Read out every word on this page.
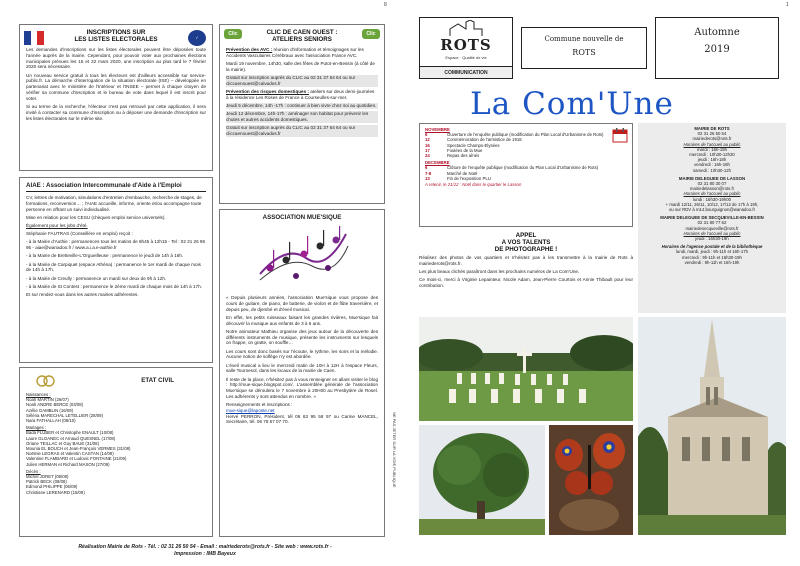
8	1
✓
INSCRIPTIONS SUR
LES LISTES ELECTORALES

Les demandes d'inscriptions sur les listes électorales peuvent être déposées toute l'année auprès de la mairie. Cependant, pour pouvoir voter aux prochaines élections municipales prévues les 15 et 22 mars 2020, une inscription au plus tard le 7 février 2020 sera nécessaire.

Un nouveau service gratuit à tous les électeurs est d'ailleurs accessible sur service-public.fr. La démarche d'interrogation de la situation électorale (ISE) – développée en partenariat avec le ministère de l'Intérieur et l'INSEE – permet à chaque citoyen de vérifier sa commune d'inscription et le bureau de vote dans lequel il est inscrit pour voter.

Si au terme de la recherche, l'électeur n'est pas retrouvé par cette application, il sera invité à contacter sa commune d'inscription ou à déposer une demande d'inscription sur les listes électorales sur le même site.

AIAE : Association Intercommunale d'Aide à l'Emploi

CV, lettres de motivation, simulations d'entretien d'embauche, recherche de stages, de formations, reconversion… ; l'AIAE accueille, informe, oriente et/ou accompagne toute personne en offrant un suivi individualisé.

Mise en relation pour les CESU (chèques emploi service universels).

Également pour les jobs d'été.

Stéphanie FAUTRAS (Conseillère en emploi) reçoit :

- à la Mairie d'Authie : permanences tous les matins de 8h45 à 12h15 - Tel : 02 31 26 95 95 - aiae@wanadoo.fr / www.a.i.a.e-authie.fr

- à la Mairie de Bretteville-L'Orgueilleuse : permanence le jeudi de 14h à 16h.

- à la Mairie de Carpiquet (espace Athéna) : permanence le 1er mardi de chaque mois de 14h à 17h.

- à la Mairie de Creully : permanence un mardi sur deux de 9h à 12h.

- à la Mairie de St Contest : permanence le 2ème mardi de chaque mois de 14h à 17h.

Et sur rendez-vous dans les autres mairies adhérentes.

ETAT CIVIL
Naissances :
Noah MARTIN (26/07)
Noah ANDRE BERCE (03/08)
Azélie GAMBLIN (16/09)
Séléna MARECHAL LETELLIER (28/09)
Nara FATHALLAH (08/10)
Mariages :
Bada FLUBER et Christophe ENAULT (10/08)
Laure GLOANEC et Arnaud QUESNEL (17/08)
Oriane TEILLAC et Guy BAUE (31/08)
Mounia EL BOUCH et Jean-François VERMES (31/08)
Noëmie LEGRAS et Valentin CASTAN (14/09)
Valentine FLAMBARD et Ludovic FONTAINE (21/09)
Julien HERMAN et Richard MASON (27/09)
Décès :
Michel JORET (08/08)
Patrick BECK (08/08)
Edmond PHILIPPE (06/09)
Christiane LERENARD (15/09)
Clic	Clic
CLIC DE CAEN OUEST :
ATELIERS SENIORS

Prévention des AVC : réunion d'information et témoignages sur les Accidents Vasculaires Cérébraux avec l'association France AVC.

Mardi 19 novembre, 14h30, salle des fêtes de Putot-en-Bessin (à côté de la mairie).

Gratuit sur inscription auprès du CLIC au 02 31 37 64 64 ou sur cliccaenouest@calvados.fr

Prévention des risques domestiques : ateliers sur deux demi-journées à la résidence Les Roses de France à Courseulles-sur-mer.

Jeudi 5 décembre, 14h -17h : continuer à bien vivre chez soi au quotidien.

Jeudi 12 décembre, 14h-17h : aménager son habitat pour prévenir les chutes et autres accidents domestiques.

Gratuit sur inscription auprès du CLIC au 02 31 37 64 64 ou sur cliccaenouest@calvados.fr

ASSOCIATION MUE'SIQUE

« Depuis plusieurs années, l'association Mue'sique vous propose des cours de guitare, de piano, de batterie, de violon et de flûte traversière, et depuis peu, de djembé et d'éveil musical.

En effet, les petits ruisseaux faisant les grandes rivières, Mue'sique fait découvrir la musique aux enfants de 3 à 6 ans.

Notre animateur Mathieu organise des jeux autour de la découverte des différents instruments de musique, présente les instruments sur lesquels on frappe, on gratte, on souffle…

Les cours sont donc basés sur l'écoute, le rythme, les sons et la mélodie. Aucune notion de solfège n'y est abordée.

L'éveil musical a lieu le mercredi matin de 10H à 12H à l'espace Fleurs, salle Tournesol, dans les locaux de la mairie de Caen.

Il reste de la place, n'hésitez pas à vous renseigner en allant visiter le blog : http://mue-sique.blogspot.com/. L'assemblée générale de l'association Mue'sique se déroulera le 7 novembre à 20H00 au Presbytère de Rosel. Les adhérents y sont attendus en nombre. »

Renseignements et inscriptions :
mue-sique@laposte.net
Hervé PERRON, Président, tél 06 63 95 58 97 ou Carine MANCEL, Secrétaire, tél. 06 78 57 07 70.	NE PAS JETER SUR LA VOIE PUBLIQUE
Réalisation Mairie de Rots - Tél. : 02 31 26 50 54 - Email : mairiederots@rots.fr - Site web : www.rots.fr -
Impression : IMB Bayeux
ROTS
Espace · Qualité de vie
COMMUNICATION
Commune nouvelle de
ROTS
Automne
2019
La Com'Une
NOVEMBRE
6	Ouverture de l'enquête publique (modification du Plan Local d'Urbanisme de Rots)
12	Commémoration de l'armistice de 1918
16	Spectacle Champs-Elysées
17	Foulées de la Mue
24	Repas des aînés
DECEMBRE
6	Clôture de l'enquête publique (modification du Plan Local d'Urbanisme de Rots)
7-8	Marché de Noël
13	Fin de l'exposition PLU
A retenir, le 21/12 : Noël dans le quartier le Lasson
MAIRIE DE ROTS
02 31 26 50 54
mairiederots@rots.fr
Horaires de l'accueil au public
mardi : 16h-18h
mercredi : 10h30-12h30
jeudi : 16h-18h
vendredi : 16h-18h
samedi : 10h30-12h
MAIRIE DELEGUEE DE LASSON
02 31 80 30 07
mairiedelasson@rots.fr
Horaires de l'accueil au public
lundi : 16h30-19h00
+ mardi 12/11, 26/11, 10/12, 17/12 de 17h à 19h,
ou sur RDV à m14.bourguignon@wanadoo.fr
MAIRIE DELEGUEE DE SECQUEVILLE-EN-BESSIN
02 31 80 77 62
mairiedesecqueville@rots.fr
Horaires de l'accueil au public
jeudi : 16h30-19h
Horaires de l'agence postale et de la bibliothèque
lundi, mardi, jeudi : 9h-11h et 16h-17h
mercredi : 9h-11h et 16h30-19h
vendredi : 9h-11h et 16h-19h
APPEL
A VOS TALENTS
DE PHOTOGRAPHE !

Réalisez des photos de vos quartiers et n'hésitez pas à les transmettre à la mairie de Rots à mairiederots@rots.fr.

Les plus beaux clichés paraîtront dans les prochains numéros de La Com'Une.

Ce mois-ci, merci à Virginie Lepainteur, Nicole Adam, Jean-Pierre Courtois et Annie Thibault pour leur contribution.
